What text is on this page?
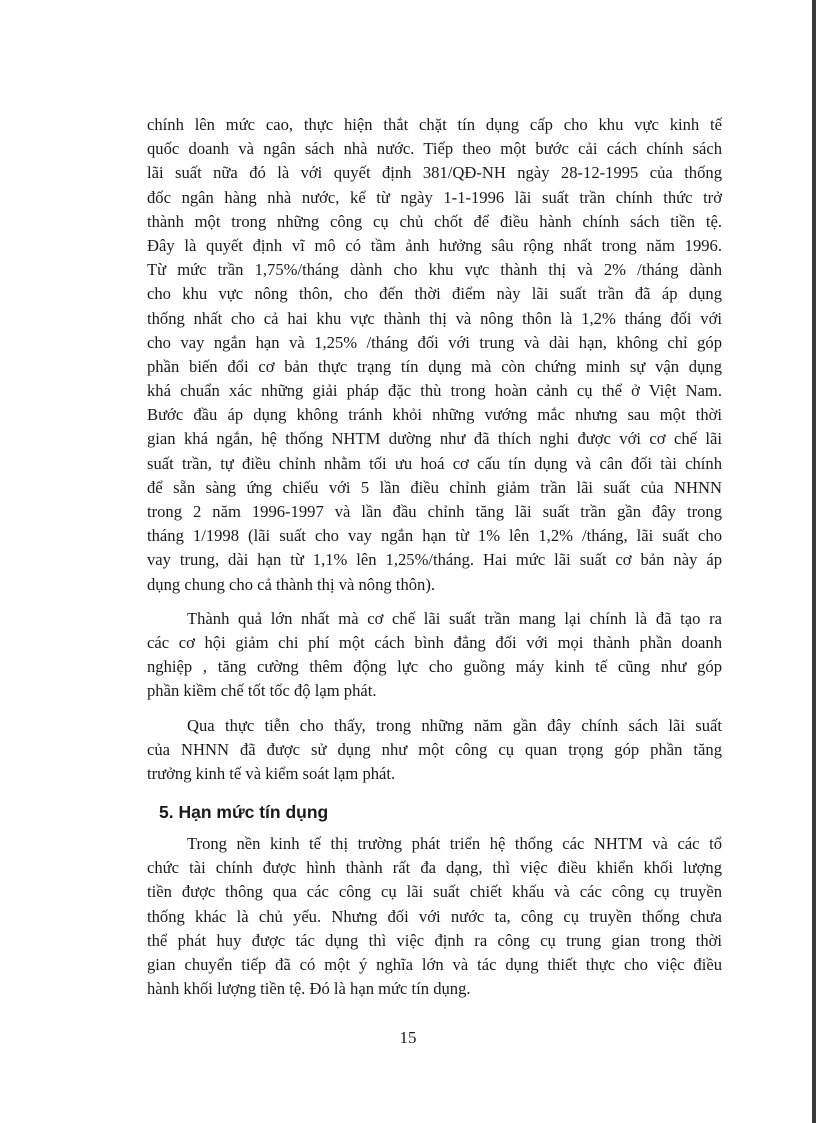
chính lên mức cao, thực hiện thắt chặt tín dụng cấp cho khu vực kinh tế
quốc doanh và ngân sách nhà nước. Tiếp theo một bước cải cách chính sách
lãi suất nữa đó là với quyết định 381/QĐ-NH ngày 28-12-1995 của thống
đốc ngân hàng nhà nước, kể từ ngày 1-1-1996 lãi suất trần chính thức trở
thành một trong những công cụ chủ chốt để điều hành chính sách tiền tệ.
Đây là quyết định vĩ mô có tầm ảnh hưởng sâu rộng nhất trong năm 1996.
Từ mức trần 1,75%/tháng dành cho khu vực thành thị và 2% /tháng dành
cho khu vực nông thôn, cho đến thời điểm này lãi suất trần đã áp dụng
thống nhất cho cả hai khu vực thành thị và nông thôn là 1,2% tháng đối với
cho vay ngắn hạn và 1,25% /tháng đối với trung và dài hạn, không chỉ góp
phần biến đổi cơ bản thực trạng tín dụng mà còn chứng minh sự vận dụng
khá chuẩn xác những giải pháp đặc thù trong hoàn cảnh cụ thể ở Việt Nam.
Bước đầu áp dụng không tránh khỏi những vướng mắc nhưng sau một thời
gian khá ngắn, hệ thống NHTM dường như đã thích nghi được với cơ chế lãi
suất trần, tự điều chỉnh nhằm tối ưu hoá cơ cấu tín dụng và cân đối tài chính
để sẵn sàng ứng chiếu với 5 lần điều chỉnh giảm trần lãi suất của NHNN
trong 2 năm 1996-1997 và lần đầu chỉnh tăng lãi suất trần gần đây trong
tháng 1/1998 (lãi suất cho vay ngắn hạn từ 1% lên 1,2% /tháng, lãi suất cho
vay trung, dài hạn từ 1,1% lên 1,25%/tháng. Hai mức lãi suất cơ bản này áp
dụng chung cho cả thành thị và nông thôn).
Thành quả lớn nhất mà cơ chế lãi suất trần mang lại chính là đã tạo ra
các cơ hội giảm chi phí một cách bình đẳng đối với mọi thành phần doanh
nghiệp , tăng cường thêm động lực cho guồng máy kinh tế cũng như góp
phần kiềm chế tốt tốc độ lạm phát.
Qua thực tiễn cho thấy, trong những năm gần đây chính sách lãi suất
của NHNN đã được sử dụng như một công cụ quan trọng góp phần tăng
trưởng kinh tế và kiểm soát lạm phát.
5. Hạn mức tín dụng
Trong nền kinh tế thị trường phát triển hệ thống các NHTM và các tổ
chức tài chính được hình thành rất đa dạng, thì việc điều khiển khối lượng
tiền được thông qua các công cụ lãi suất chiết khấu và các công cụ truyền
thống khác là chủ yếu. Nhưng đối với nước ta, công cụ truyền thống chưa
thể phát huy được tác dụng thì việc định ra công cụ trung gian trong thời
gian chuyển tiếp đã có một ý nghĩa lớn và tác dụng thiết thực cho việc điều
hành khối lượng tiền tệ. Đó là hạn mức tín dụng.
15
